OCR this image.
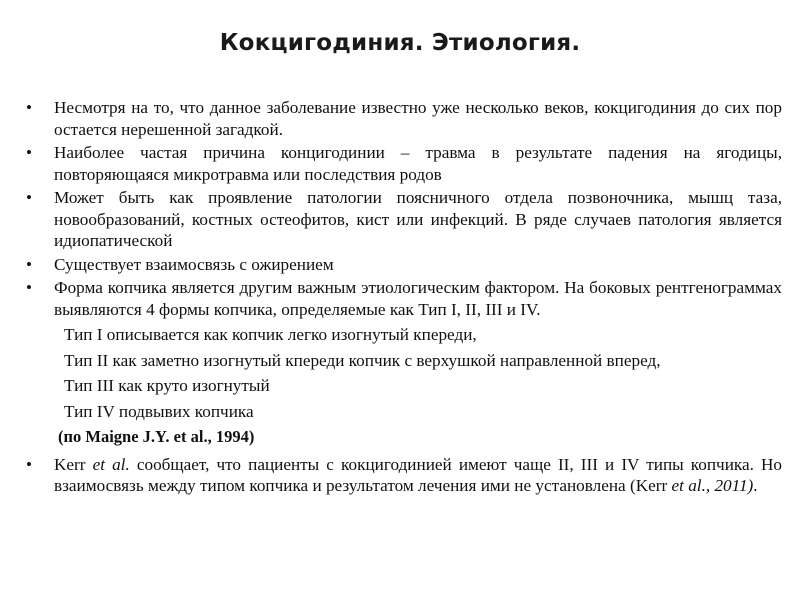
Кокцигодиния. Этиология.
•	Несмотря на то, что данное заболевание известно уже несколько веков, кокцигодиния до сих пор остается нерешенной загадкой.
•	Наиболее частая причина концигодинии – травма в результате падения на ягодицы, повторяющаяся микротравма или последствия родов
•	Может быть как проявление патологии поясничного отдела позвоночника, мышц таза, новообразований, костных остеофитов, кист или инфекций. В ряде случаев патология является идиопатической
•	Существует взаимосвязь с ожирением
•	Форма копчика является другим важным этиологическим фактором. На боковых рентгенограммах выявляются 4 формы копчика, определяемые как Тип I, II, III и IV.
Тип I описывается как копчик легко изогнутый кпереди,
Тип II как заметно изогнутый кпереди копчик с верхушкой направленной вперед,
Тип III как круто изогнутый
Тип IV подвывих копчика
(по Maigne J.Y. et al., 1994)
•	Kerr et al. сообщает, что пациенты с кокцигодинией имеют чаще II, III и IV типы копчика. Но взаимосвязь между типом копчика и результатом лечения ими не установлена (Kerr et al., 2011).
